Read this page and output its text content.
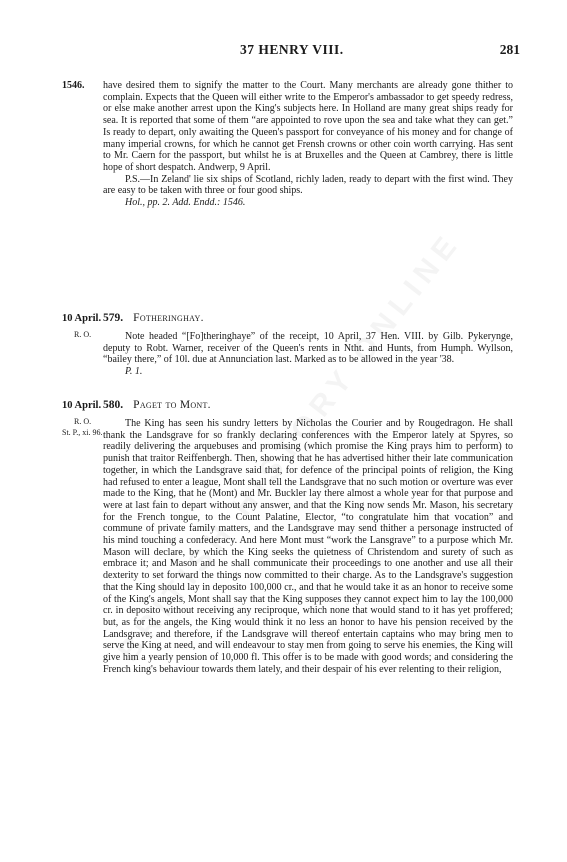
37 HENRY VIII.	281
1546. have desired them to signify the matter to the Court. Many merchants are already gone thither to complain. Expects that the Queen will either write to the Emperor's ambassador to get speedy redress, or else make another arrest upon the King's subjects here. In Holland are many great ships ready for sea. It is reported that some of them “are appointed to rove upon the sea and take what they can get.” Is ready to depart, only awaiting the Queen's passport for conveyance of his money and for change of many imperial crowns, for which he cannot get Frensh crowns or other coin worth carrying. Has sent to Mr. Caern for the passport, but whilst he is at Bruxelles and the Queen at Cambrey, there is little hope of short despatch. Andwerp, 9 April.

P.S.—In Zeland' lie six ships of Scotland, richly laden, ready to depart with the first wind. They are easy to be taken with three or four good ships.

Hol., pp. 2. Add. Endd.: 1546.

10 April.
R. O.
579. Fotheringhay.

Note headed “[Fo]theringhaye” of the receipt, 10 April, 37 Hen. VIII. by Gilb. Pykerynge, deputy to Robt. Warner, receiver of the Queen's rents in Ntht. and Hunts, from Humph. Wyllson, “bailey there,” of 10l. due at Annunciation last. Marked as to be allowed in the year '38.

P. 1.

10 April.
R. O.
St. P., xi. 96.
580. Paget to Mont.

The King has seen his sundry letters by Nicholas the Courier and by Rougedragon. He shall thank the Landsgrave for so frankly declaring conferences with the Emperor lately at Spyres, so readily delivering the arquebuses and promising (which promise the King prays him to perform) to punish that traitor Reiffenbergh. Then, showing that he has advertised hither their late communication together, in which the Landsgrave said that, for defence of the principal points of religion, the King had refused to enter a league, Mont shall tell the Landsgrave that no such motion or overture was ever made to the King, that he (Mont) and Mr. Buckler lay there almost a whole year for that purpose and were at last fain to depart without any answer, and that the King now sends Mr. Mason, his secretary for the French tongue, to the Count Palatine, Elector, “to congratulate him that vocation” and commune of private family matters, and the Landsgrave may send thither a personage instructed of his mind touching a confederacy. And here Mont must “work the Lansgrave” to a purpose which Mr. Mason will declare, by which the King seeks the quietness of Christendom and surety of such as embrace it; and Mason and he shall communicate their proceedings to one another and use all their dexterity to set forward the things now committed to their charge. As to the Landsgrave's suggestion that the King should lay in deposito 100,000 cr., and that he would take it as an honor to receive some of the King's angels, Mont shall say that the King supposes they cannot expect him to lay the 100,000 cr. in deposito without receiving any reciproque, which none that would stand to it has yet proffered; but, as for the angels, the King would think it no less an honor to have his pension received by the Landsgrave; and therefore, if the Landsgrave will thereof entertain captains who may bring men to serve the King at need, and will endeavour to stay men from going to serve his enemies, the King will give him a yearly pension of 10,000 fl. This offer is to be made with good words; and considering the French king's behaviour towards them lately, and their despair of his ever relenting to their religion,
